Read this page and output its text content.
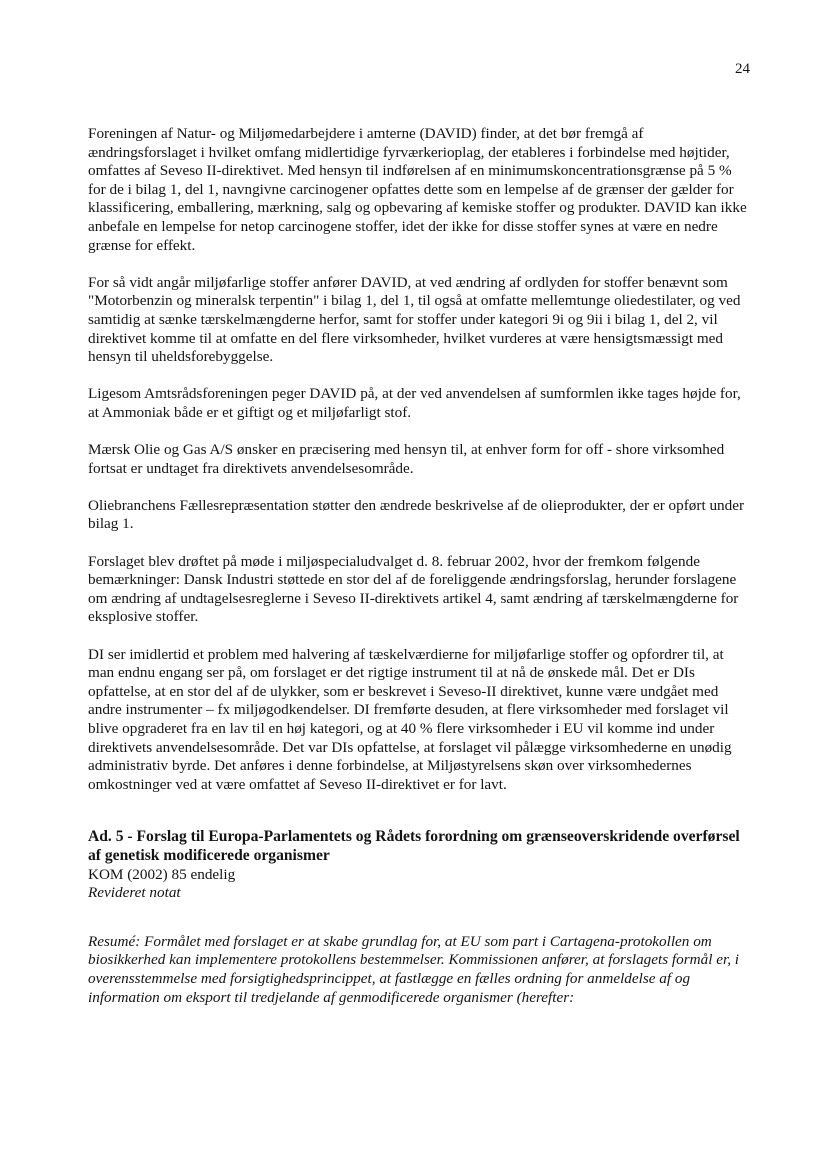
24

Foreningen af Natur- og Miljømedarbejdere i amterne (DAVID) finder, at det bør fremgå af ændringsforslaget i hvilket omfang midlertidige fyrværkerioplag, der etableres i forbindelse med højtider, omfattes af Seveso II-direktivet. Med hensyn til indførelsen af en minimumskoncentrationsgrænse på 5 % for de i bilag 1, del 1, navngivne carcinogener opfattes dette som en lempelse af de grænser der gælder for klassificering, emballering, mærkning, salg og opbevaring af kemiske stoffer og produkter. DAVID kan ikke anbefale en lempelse for netop carcinogene stoffer, idet der ikke for disse stoffer synes at være en nedre grænse for effekt.

For så vidt angår miljøfarlige stoffer anfører DAVID, at ved ændring af ordlyden for stoffer benævnt som "Motorbenzin og mineralsk terpentin" i bilag 1, del 1, til også at omfatte mellemtunge oliedestilater, og ved samtidig at sænke tærskelmængderne herfor, samt for stoffer under kategori 9i og 9ii i bilag 1, del 2, vil direktivet komme til at omfatte en del flere virksomheder, hvilket vurderes at være hensigtsmæssigt med hensyn til uheldsforebyggelse.

Ligesom Amtsrådsforeningen peger DAVID på, at der ved anvendelsen af sumformlen ikke tages højde for, at Ammoniak både er et giftigt og et miljøfarligt stof.

Mærsk Olie og Gas A/S ønsker en præcisering med hensyn til, at enhver form for off - shore virksomhed fortsat er undtaget fra direktivets anvendelsesområde.

Oliebranchens Fællesrepræsentation støtter den ændrede beskrivelse af de olieprodukter, der er opført under bilag 1.

Forslaget blev drøftet på møde i miljøspecialudvalget d. 8. februar 2002, hvor der fremkom følgende bemærkninger: Dansk Industri støttede en stor del af de foreliggende ændringsforslag, herunder forslagene om ændring af undtagelsesreglerne i Seveso II-direktivets artikel 4, samt ændring af tærskelmængderne for eksplosive stoffer.

DI ser imidlertid et problem med halvering af tæskelværdierne for miljøfarlige stoffer og opfordrer til, at man endnu engang ser på, om forslaget er det rigtige instrument til at nå de ønskede mål. Det er DIs opfattelse, at en stor del af de ulykker, som er beskrevet i Seveso-II direktivet, kunne være undgået med andre instrumenter – fx miljøgodkendelser. DI fremførte desuden, at flere virksomheder med forslaget vil blive opgraderet fra en lav til en høj kategori, og at 40 % flere virksomheder i EU vil komme ind under direktivets anvendelsesområde. Det var DIs opfattelse, at forslaget vil pålægge virksomhederne en unødig administrativ byrde. Det anføres i denne forbindelse, at Miljøstyrelsens skøn over virksomhedernes omkostninger ved at være omfattet af Seveso II-direktivet er for lavt.

Ad. 5 - Forslag til Europa-Parlamentets og Rådets forordning om grænseoverskridende overførsel af genetisk modificerede organismer

KOM (2002) 85 endelig

Revideret notat

Resumé: Formålet med forslaget er at skabe grundlag for, at EU som part i Cartagena-protokollen om biosikkerhed kan implementere protokollens bestemmelser. Kommissionen anfører, at forslagets formål er, i overensstemmelse med forsigtighedsprincippet, at fastlægge en fælles ordning for anmeldelse af og information om eksport til tredjelande af genmodificerede organismer (herefter:
